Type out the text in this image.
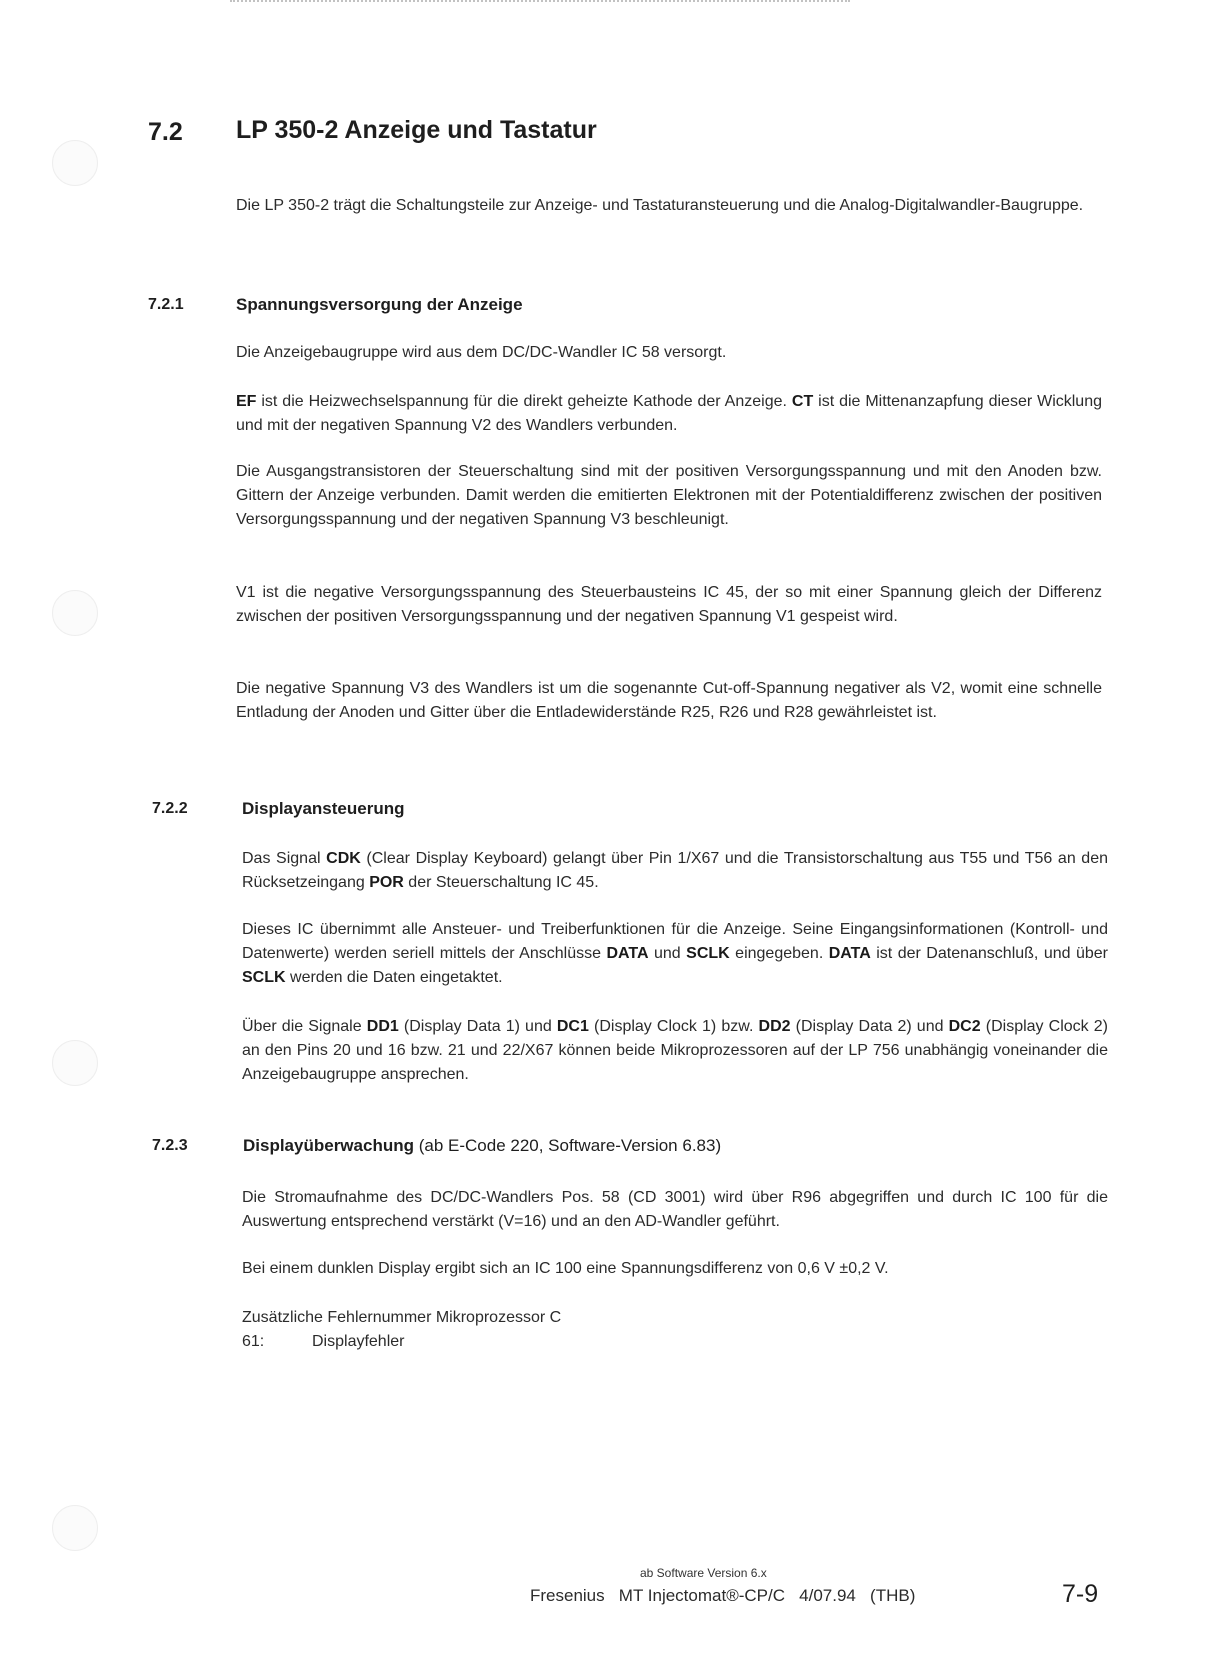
7.2 LP 350-2 Anzeige und Tastatur
Die LP 350-2 trägt die Schaltungsteile zur Anzeige- und Tastaturansteuerung und die Analog-Digitalwandler-Baugruppe.
7.2.1	Spannungsversorgung der Anzeige
Die Anzeigebaugruppe wird aus dem DC/DC-Wandler IC 58 versorgt.
EF ist die Heizwechselspannung für die direkt geheizte Kathode der Anzeige. CT ist die Mittenanzapfung dieser Wicklung und mit der negativen Spannung V2 des Wandlers verbunden.
Die Ausgangstransistoren der Steuerschaltung sind mit der positiven Versorgungsspannung und mit den Anoden bzw. Gittern der Anzeige verbunden. Damit werden die emitierten Elektronen mit der Potentialdifferenz zwischen der positiven Versorgungsspannung und der negativen Spannung V3 beschleunigt.
V1 ist die negative Versorgungsspannung des Steuerbausteins IC 45, der so mit einer Spannung gleich der Differenz zwischen der positiven Versorgungsspannung und der negativen Spannung V1 gespeist wird.
Die negative Spannung V3 des Wandlers ist um die sogenannte Cut-off-Spannung negativer als V2, womit eine schnelle Entladung der Anoden und Gitter über die Entladewiderstände R25, R26 und R28 gewährleistet ist.
7.2.2	Displayansteuerung
Das Signal CDK (Clear Display Keyboard) gelangt über Pin 1/X67 und die Transistorschaltung aus T55 und T56 an den Rücksetzeingang POR der Steuerschaltung IC 45.
Dieses IC übernimmt alle Ansteuer- und Treiberfunktionen für die Anzeige. Seine Eingangsinformationen (Kontroll- und Datenwerte) werden seriell mittels der Anschlüsse DATA und SCLK eingegeben. DATA ist der Datenanschluß, und über SCLK werden die Daten eingetaktet.
Über die Signale DD1 (Display Data 1) und DC1 (Display Clock 1) bzw. DD2 (Display Data 2) und DC2 (Display Clock 2) an den Pins 20 und 16 bzw. 21 und 22/X67 können beide Mikroprozessoren auf der LP 756 unabhängig voneinander die Anzeigebaugruppe ansprechen.
7.2.3	Displayüberwachung (ab E-Code 220, Software-Version 6.83)
Die Stromaufnahme des DC/DC-Wandlers Pos. 58 (CD 3001) wird über R96 abgegriffen und durch IC 100 für die Auswertung entsprechend verstärkt (V=16) und an den AD-Wandler geführt.
Bei einem dunklen Display ergibt sich an IC 100 eine Spannungsdifferenz von 0,6 V ±0,2 V.
Zusätzliche Fehlernummer Mikroprozessor C
61:	Displayfehler
ab Software Version 6.x
Fresenius   MT Injectomat®-CP/C   4/07.94   (THB)	7-9
